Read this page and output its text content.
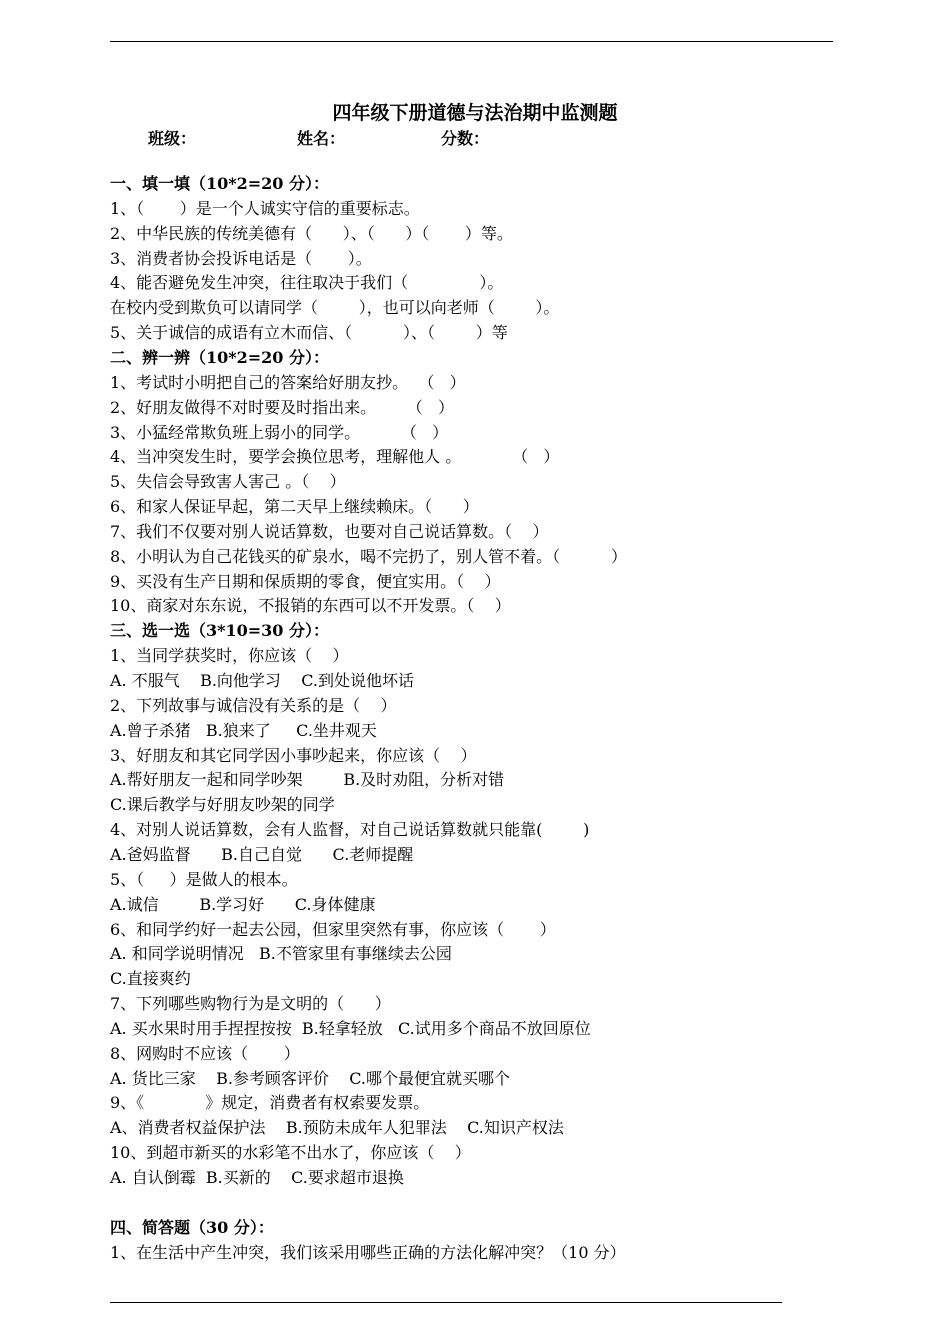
四年级下册道德与法治期中监测题
班级：	姓名：	分数：
一、填一填（10*2=20 分）：
1、（       ）是一个人诚实守信的重要标志。
2、中华民族的传统美德有（      ）、（      ）（       ）等。
3、消费者协会投诉电话是（       ）。
4、能否避免发生冲突，往往取决于我们（              ）。
在校内受到欺负可以请同学（        ），也可以向老师（        ）。
5、关于诚信的成语有立木而信、（          ）、（        ）等
二、辨一辨（10*2=20 分）：
1、考试时小明把自己的答案给好朋友抄。  （   ）
2、好朋友做得不对时要及时指出来。      （   ）
3、小猛经常欺负班上弱小的同学。        （   ）
4、当冲突发生时，要学会换位思考，理解他人 。          （   ）
5、失信会导致害人害己 。（    ）
6、和家人保证早起，第二天早上继续赖床。（      ）
7、我们不仅要对别人说话算数，也要对自己说话算数。（    ）
8、小明认为自己花钱买的矿泉水，喝不完扔了，别人管不着。（          ）
9、买没有生产日期和保质期的零食，便宜实用。（    ）
10、商家对东东说，不报销的东西可以不开发票。（    ）
三、选一选（3*10=30 分）：
1、当同学获奖时，你应该（    ）
A. 不服气    B.向他学习    C.到处说他坏话
2、下列故事与诚信没有关系的是（    ）
A.曾子杀猪   B.狼来了     C.坐井观天
3、好朋友和其它同学因小事吵起来，你应该（    ）
A.帮好朋友一起和同学吵架        B.及时劝阻，分析对错
C.课后教学与好朋友吵架的同学
4、对别人说话算数，会有人监督，对自己说话算数就只能靠(        )
A.爸妈监督      B.自己自觉      C.老师提醒
5、（     ）是做人的根本。
A.诚信        B.学习好      C.身体健康
6、和同学约好一起去公园，但家里突然有事，你应该（       ）
A. 和同学说明情况   B.不管家里有事继续去公园
C.直接爽约
7、下列哪些购物行为是文明的（      ）
A. 买水果时用手捏捏按按  B.轻拿轻放   C.试用多个商品不放回原位
8、网购时不应该（       ）
A. 货比三家    B.参考顾客评价    C.哪个最便宜就买哪个
9、《            》规定，消费者有权索要发票。
A、消费者权益保护法    B.预防未成年人犯罪法    C.知识产权法
10、到超市新买的水彩笔不出水了，你应该（    ）
A. 自认倒霉  B.买新的    C.要求超市退换
四、简答题（30 分）：
1、在生活中产生冲突，我们该采用哪些正确的方法化解冲突？（10 分）
